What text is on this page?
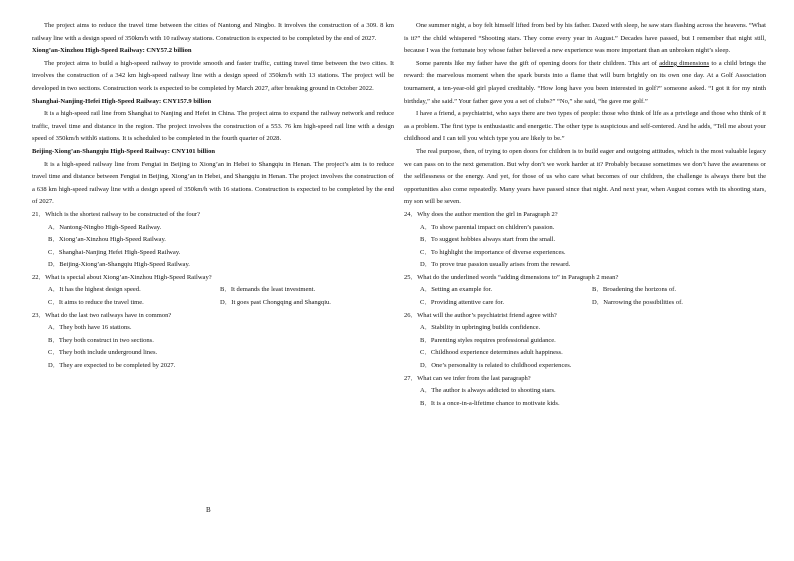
The project aims to reduce the travel time between the cities of Nantong and Ningbo. It involves the construction of a 309. 8 km railway line with a design speed of 350km/h with 10 railway stations. Construction is expected to be completed by the end of 2027.

Xiong’an-Xinzhou High-Speed Railway: CNY57.2 billion

The project aims to build a high-speed railway to provide smooth and faster traffic, cutting travel time between the two cities. It involves the construction of a 342 km high-speed railway line with a design speed of 350km/h with 13 stations. The project will be developed in two sections. Construction work is expected to be completed by March 2027, after breaking ground in October 2022.

Shanghai-Nanjing-Hefei High-Speed Railway: CNY157.9 billion

It is a high-speed rail line from Shanghai to Nanjing and Hefei in China. The project aims to expand the railway network and reduce traffic, travel time and distance in the region. The project involves the construction of a 553. 76 km high-speed rail line with a design speed of 350km/h withl6 stations. It is scheduled to be completed in the fourth quarter of 2028.

Beijing-Xiong’an-Shangqiu High-Speed Railway: CNY101 billion

It is a high-speed railway line from Fengtai in Beijing to Xiong’an in Hebei to Shangqiu in Henan. The project’s aim is to reduce travel time and distance between Fengtai in Beijing, Xiong’an in Hebei, and Shangqiu in Henan. The project involves the construction of a 638 km high-speed railway line with a design speed of 350km/h with 16 stations. Construction is expected to be completed by the end of 2027.

21．Which is the shortest railway to be constructed of the four?

A．Nantong-Ningbo High-Speed Railway.

B．Xiong’an-Xinzhou High-Speed Railway.

C．Shanghai-Nanjing Hefei High-Speed Railway.

D．Beijing-Xiong’an-Shangqiu High-Speed Railway.

22．What is special about Xiong’an-Xinzhou High-Speed Railway?

A．It has the highest design speed.	B．It demands the least investment.
C．It aims to reduce the travel time.	D．It goes past Chongqing and Shangqiu.

23．What do the last two railways have in common?

A．They both have 16 stations.

B．They both construct in two sections.

C．They both include underground lines.

D．They are expected to be completed by 2027.

One summer night, a boy felt himself lifted from bed by his father. Dazed with sleep, he saw stars flashing across the heavens. “What is it?” the child whispered “Shooting stars. They come every year in August.” Decades have passed, but I remember that night still, because I was the fortunate boy whose father believed a new experience was more important than an unbroken night’s sleep.

Some parents like my father have the gift of opening doors for their children. This art of adding dimensions to a child brings the reward: the marvelous moment when the spark bursts into a flame that will burn brightly on its own one day. At a Golf Association tournament, a ten-year-old girl played creditably. “How long have you been interested in golf?” someone asked. “I got it for my ninth birthday,” she said.” Your father gave you a set of clubs?” “No,” she said, “he gave me golf.”

I have a friend, a psychiatrist, who says there are two types of people: those who think of life as a privilege and those who think of it as a problem. The first type is enthusiastic and energetic. The other type is suspicious and self-centered. And he adds, “Tell me about your childhood and I can tell you which type you are likely to be.”

The real purpose, then, of trying to open doors for children is to build eager and outgoing attitudes, which is the most valuable legacy we can pass on to the next generation. But why don’t we work harder at it? Probably because sometimes we don’t have the awareness or the selflessness or the energy. And yet, for those of us who care what becomes of our children, the challenge is always there but the opportunities also come repeatedly. Many years have passed since that night. And next year, when August comes with its shooting stars, my son will be seven.

24．Why does the author mention the girl in Paragraph 2?

A．To show parental impact on children’s passion.

B．To suggest hobbies always start from the small.

C．To highlight the importance of diverse experiences.

D．To prove true passion usually arises from the reward.

25．What do the underlined words “adding dimensions to” in Paragraph 2 mean?

A．Setting an example for.	B．Broadening the horizons of.
C．Providing attentive care for.	D．Narrowing the possibilities of.

26．What will the author’s psychiatrist friend agree with?

A．Stability in upbringing builds confidence.

B．Parenting styles requires professional guidance.

C．Childhood experience determines adult happiness.

D．One’s personality is related to childhood experiences.

27．What can we infer from the last paragraph?

A．The author is always addicted to shooting stars.

B．It is a once-in-a-lifetime chance to motivate kids.

B
